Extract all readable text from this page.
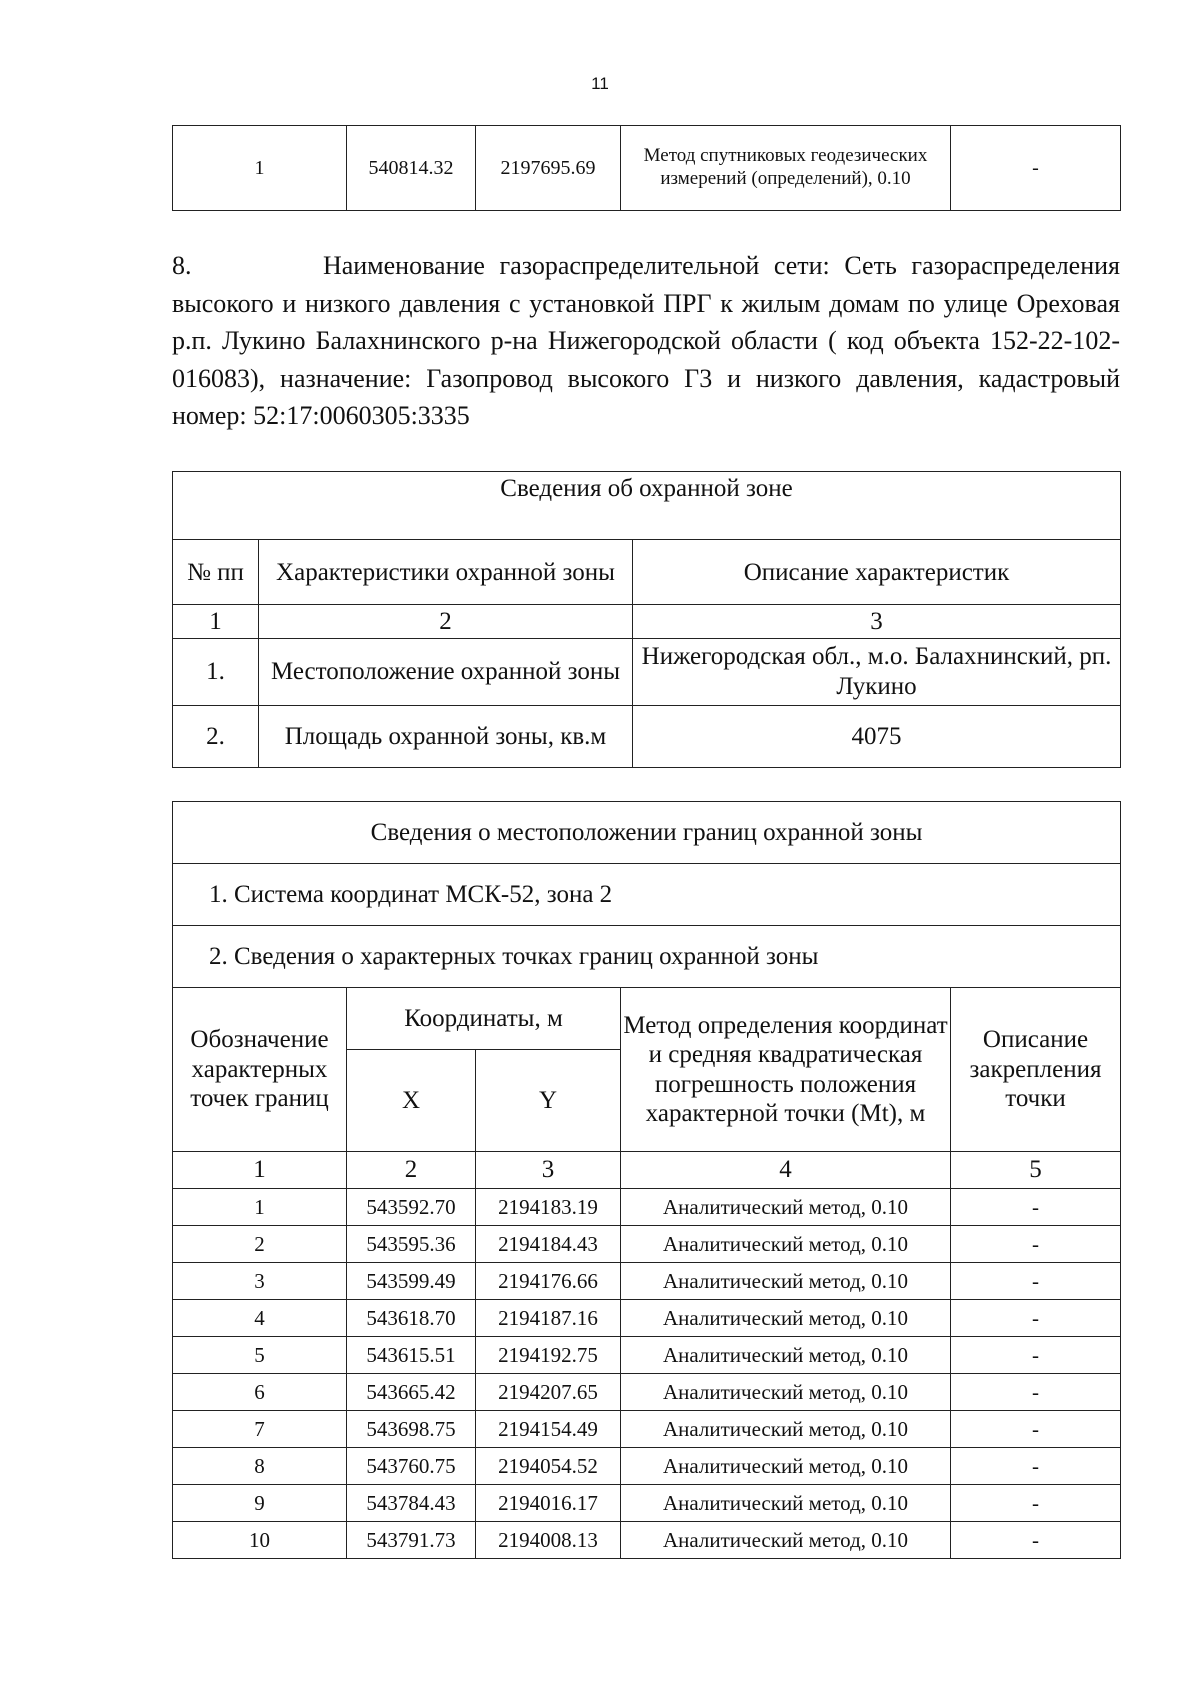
11
1	540814.32	2197695.69	Метод спутниковых геодезических измерений (определений), 0.10	-

8.	Наименование газораспределительной сети: Сеть газораспределения высокого и низкого давления с установкой ПРГ к жилым домам по улице Ореховая р.п. Лукино Балахнинского р-на Нижегородской области ( код объекта 152-22-102-016083), назначение: Газопровод высокого Г3 и низкого давления, кадастровый номер: 52:17:0060305:3335

Сведения об охранной зоне		
№ пп	Характеристики охранной зоны	Описание характеристик
1	2	3
1.	Местоположение охранной зоны	Нижегородская обл., м.о. Балахнинский, рп. Лукино
2.	Площадь охранной зоны, кв.м	4075
Сведения о местоположении границ охранной зоны				
1. Система координат МСК-52, зона 2				
2. Сведения о характерных точках границ охранной зоны				
Обозначение характерных точек границ	Координаты, м		Метод определения координат и средняя квадратическая погрешность положения характерной точки (Mt), м	Описание закрепления точки
	X	Y		
1	2	3	4	5
1	543592.70	2194183.19	Аналитический метод, 0.10	-
2	543595.36	2194184.43	Аналитический метод, 0.10	-
3	543599.49	2194176.66	Аналитический метод, 0.10	-
4	543618.70	2194187.16	Аналитический метод, 0.10	-
5	543615.51	2194192.75	Аналитический метод, 0.10	-
6	543665.42	2194207.65	Аналитический метод, 0.10	-
7	543698.75	2194154.49	Аналитический метод, 0.10	-
8	543760.75	2194054.52	Аналитический метод, 0.10	-
9	543784.43	2194016.17	Аналитический метод, 0.10	-
10	543791.73	2194008.13	Аналитический метод, 0.10	-
